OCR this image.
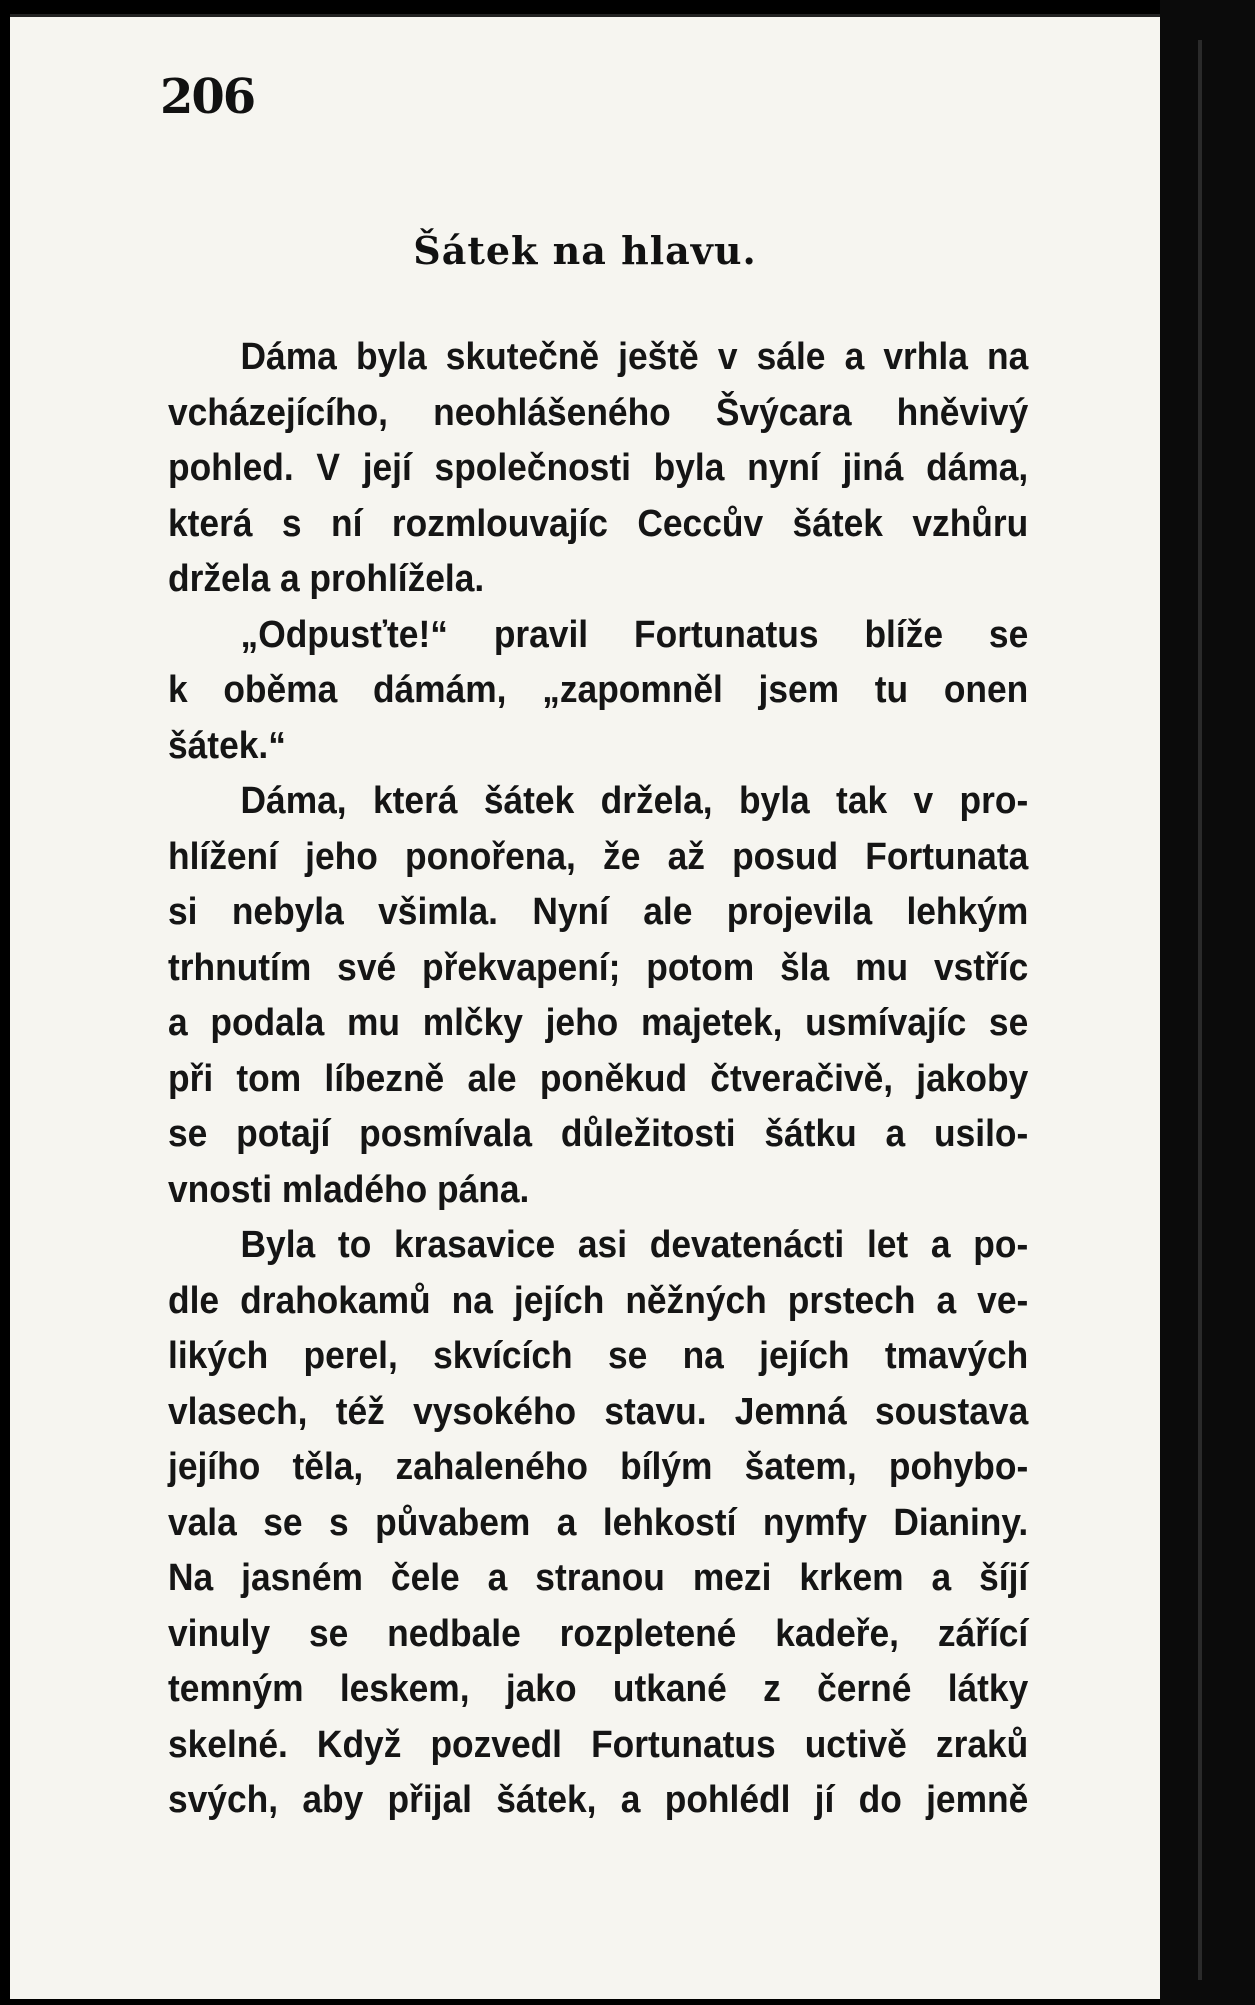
206
Šátek na hlavu.
Dáma byla skutečně ještě v sále a vrhla na
vcházejícího, neohlášeného Švýcara hněvivý
pohled. V její společnosti byla nyní jiná dáma,
která s ní rozmlouvajíc Ceccův šátek vzhůru
držela a prohlížela.
„Odpusťte!“ pravil Fortunatus blíže se
k oběma dámám, „zapomněl jsem tu onen
šátek.“
Dáma, která šátek držela, byla tak v pro-
hlížení jeho ponořena, že až posud Fortunata
si nebyla všimla. Nyní ale projevila lehkým
trhnutím své překvapení; potom šla mu vstříc
a podala mu mlčky jeho majetek, usmívajíc se
při tom líbezně ale poněkud čtveračivě, jakoby
se potají posmívala důležitosti šátku a usilo-
vnosti mladého pána.
Byla to krasavice asi devatenácti let a po-
dle drahokamů na jejích něžných prstech a ve-
likých perel, skvících se na jejích tmavých
vlasech, též vysokého stavu. Jemná soustava
jejího těla, zahaleného bílým šatem, pohybo-
vala se s půvabem a lehkostí nymfy Dianiny.
Na jasném čele a stranou mezi krkem a šíjí
vinuly se nedbale rozpletené kadeře, zářící
temným leskem, jako utkané z černé látky
skelné. Když pozvedl Fortunatus uctivě zraků
svých, aby přijal šátek, a pohlédl jí do jemně
